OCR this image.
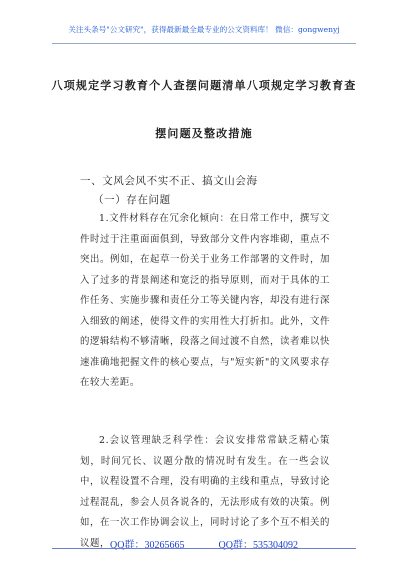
关注头条号"公文研究"，获得最新最全最专业的公文资料库！ 微信：gongwenyj
八项规定学习教育个人查摆问题清单八项规定学习教育查
摆问题及整改措施
一、文风会风不实不正、搞文山会海
（一）存在问题
1.文件材料存在冗余化倾向：在日常工作中，撰写文件时过于注重面面俱到，导致部分文件内容堆砌，重点不突出。例如，在起草一份关于业务工作部署的文件时，加入了过多的背景阐述和宽泛的指导原则，而对于具体的工作任务、实施步骤和责任分工等关键内容，却没有进行深入细致的阐述，使得文件的实用性大打折扣。此外，文件的逻辑结构不够清晰，段落之间过渡不自然，读者难以快速准确地把握文件的核心要点，与"短实新"的文风要求存在较大差距。
2.会议管理缺乏科学性：会议安排常常缺乏精心策划，时间冗长、议题分散的情况时有发生。在一些会议中，议程设置不合理，没有明确的主线和重点，导致讨论过程混乱，参会人员各说各的，无法形成有效的决策。例如，在一次工作协调会议上，同时讨论了多个互不相关的议题， QQ群：30265665	QQ群：535304092
